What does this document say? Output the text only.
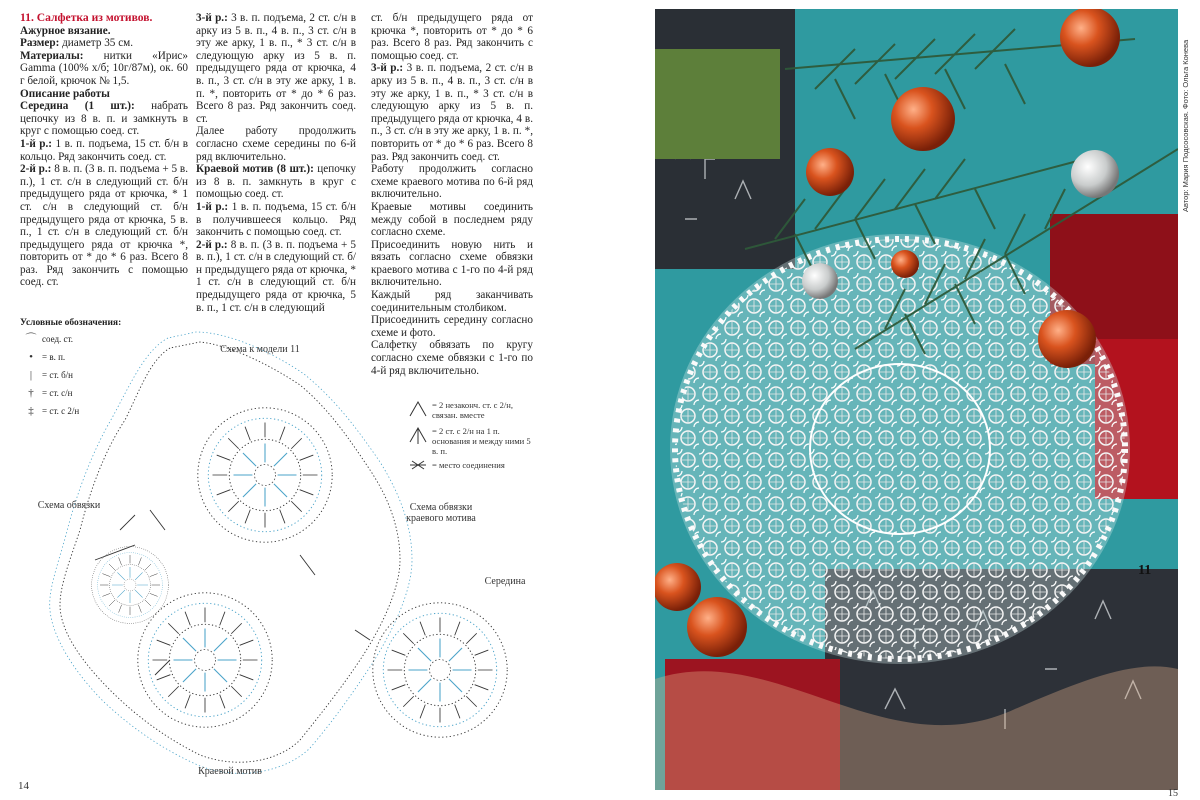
11. Салфетка из мотивов.

Ажурное вязание.

Размер: диаметр 35 см.

Материалы: нитки «Ирис» Gamma (100% х/б; 10г/87м), ок. 60 г белой, крючок № 1,5.

Описание работы

Середина (1 шт.): набрать цепочку из 8 в. п. и замкнуть в круг с помощью соед. ст.

1-й р.: 1 в. п. подъема, 15 ст. б/н в кольцо. Ряд закончить соед. ст.

2-й р.: 8 в. п. (3 в. п. подъема + 5 в. п.), 1 ст. с/н в следующий ст. б/н предыдущего ряда от крючка, * 1 ст. с/н в следующий ст. б/н предыдущего ряда от крючка, 5 в. п., 1 ст. с/н в следующий ст. б/н предыдущего ряда от крючка *, повторить от * до * 6 раз. Всего 8 раз. Ряд закончить с помощью соед. ст.

3-й р.: 3 в. п. подъема, 2 ст. с/н в арку из 5 в. п., 4 в. п., 3 ст. с/н в эту же арку, 1 в. п., * 3 ст. с/н в следующую арку из 5 в. п. предыдущего ряда от крючка, 4 в. п., 3 ст. с/н в эту же арку, 1 в. п. *, повторить от * до * 6 раз. Всего 8 раз. Ряд закончить соед. ст.

Далее работу продолжить согласно схеме середины по 6-й ряд включительно.

Краевой мотив (8 шт.): цепочку из 8 в. п. замкнуть в круг с помощью соед. ст.

1-й р.: 1 в. п. подъема, 15 ст. б/н в получившееся кольцо. Ряд закончить с помощью соед. ст.

2-й р.: 8 в. п. (3 в. п. подъема + 5 в. п.), 1 ст. с/н в следующий ст. б/н предыдущего ряда от крючка, * 1 ст. с/н в следующий ст. б/н предыдущего ряда от крючка, 5 в. п., 1 ст. с/н в следующий

ст. б/н предыдущего ряда от крючка *, повторить от * до * 6 раз. Всего 8 раз. Ряд закончить с помощью соед. ст.

3-й р.: 3 в. п. подъема, 2 ст. с/н в арку из 5 в. п., 4 в. п., 3 ст. с/н в эту же арку, 1 в. п., * 3 ст. с/н в следующую арку из 5 в. п. предыдущего ряда от крючка, 4 в. п., 3 ст. с/н в эту же арку, 1 в. п. *, повторить от * до * 6 раз. Всего 8 раз. Ряд закончить соед. ст.

Работу продолжить согласно схеме краевого мотива по 6-й ряд включительно.

Краевые мотивы соединить между собой в последнем ряду согласно схеме.

Присоединить новую нить и вязать согласно схеме обвязки краевого мотива с 1-го по 4-й ряд включительно.

Каждый ряд заканчивать соединительным столбиком.

Присоединить середину согласно схеме и фото.

Салфетку обвязать по кругу согласно схеме обвязки с 1-го по 4-й ряд включительно.

Условные обозначения:
⌒ соед. ст.
•	= в. п.
|	= ст. б/н
† = ст. с/н
‡ = ст. с 2/н
Схема к модели 11
= 2 незаконч. ст. с 2/н, связан. вместе
= 2 ст. с 2/н на 1 п. основания и между ними 5 в. п.
= место соединения
Схема обвязки	Схема обвязки краевого мотива
Середина
Краевой мотив
14
Автор: Мария Подсосовская. Фото: Ольга Конева
11
15
